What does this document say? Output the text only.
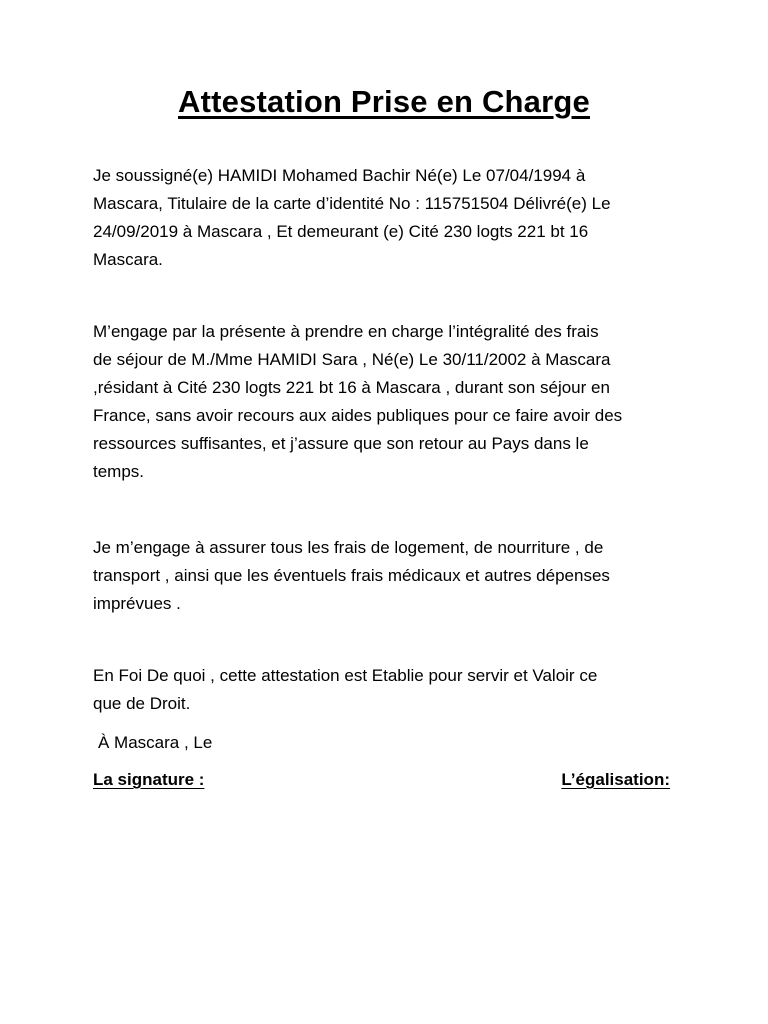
Attestation Prise en Charge

Je soussigné(e) HAMIDI Mohamed Bachir Né(e) Le 07/04/1994 à
Mascara, Titulaire de la carte d’identité No : 115751504 Délivré(e) Le
24/09/2019 à Mascara , Et demeurant (e) Cité 230 logts 221 bt 16
Mascara.

M’engage par la présente à prendre en charge l’intégralité des frais
de séjour de M./Mme HAMIDI Sara , Né(e) Le 30/11/2002 à Mascara
,résidant à Cité 230 logts 221 bt 16 à Mascara , durant son séjour en
France, sans avoir recours aux aides publiques pour ce faire avoir des
ressources suffisantes, et j’assure que son retour au Pays dans le
temps.

Je m’engage à assurer tous les frais de logement, de nourriture , de
transport , ainsi que les éventuels frais médicaux et autres dépenses
imprévues .

En Foi De quoi , cette attestation est Etablie pour servir et Valoir ce
que de Droit.

À Mascara , Le
La signature :	L’égalisation:
